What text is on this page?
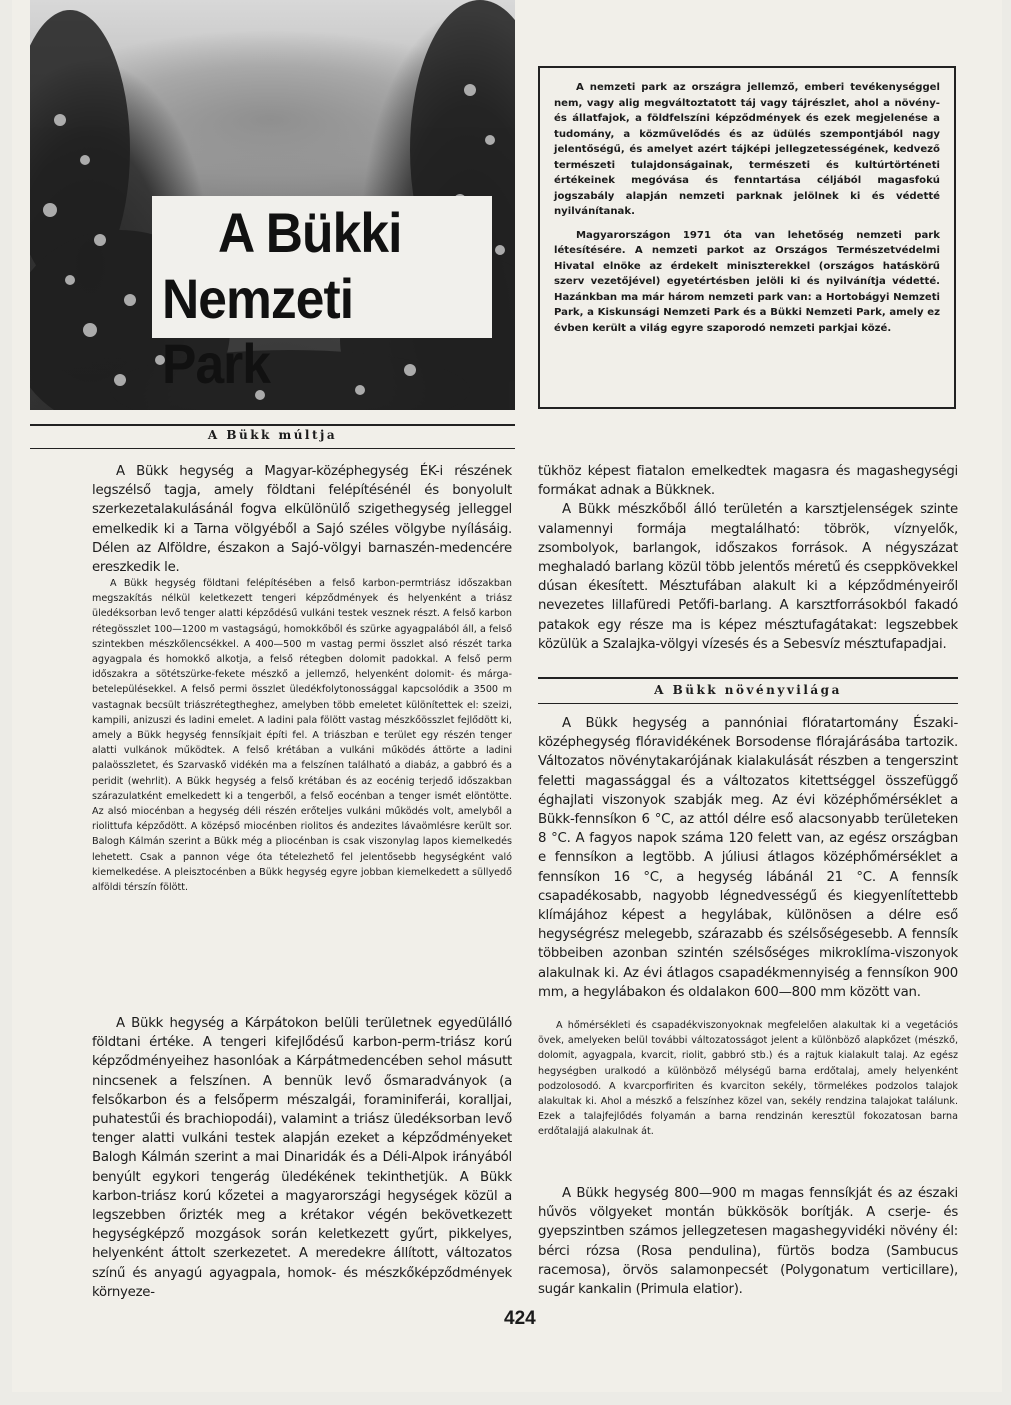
A Bükki
Nemzeti Park

A nemzeti park az országra jellemző, emberi tevékenységgel nem, vagy alig megváltoztatott táj vagy tájrészlet, ahol a növény- és állatfajok, a földfelszíni képződmények és ezek megjelenése a tudomány, a közművelődés és az üdülés szempontjából nagy jelentőségű, és amelyet azért tájképi jellegzetességének, kedvező természeti tulajdonságainak, természeti és kultúrtörténeti értékeinek megóvása és fenntartása céljából magasfokú jogszabály alapján nemzeti parknak jelölnek ki és védetté nyilvánítanak.

Magyarországon 1971 óta van lehetőség nemzeti park létesítésére. A nemzeti parkot az Országos Természetvédelmi Hivatal elnöke az érdekelt miniszterekkel (országos hatáskörű szerv vezetőjével) egyetértésben jelöli ki és nyilvánítja védetté. Hazánkban ma már három nemzeti park van: a Hortobágyi Nemzeti Park, a Kiskunsági Nemzeti Park és a Bükki Nemzeti Park, amely ez évben került a világ egyre szaporodó nemzeti parkjai közé.

A Bükk múltja

A Bükk hegység a Magyar-középhegység ÉK-i részének legszélső tagja, amely földtani felépítésénél és bonyolult szerkezetalakulásánál fogva elkülönülő szigethegység jelleggel emelkedik ki a Tarna völgyéből a Sajó széles völgybe nyílásáig. Délen az Alföldre, északon a Sajó-völgyi barnaszén-medencére ereszkedik le.

A Bükk hegység földtani felépítésében a felső karbon-permtriász időszakban megszakítás nélkül keletkezett tengeri képződmények és helyenként a triász üledéksorban levő tenger alatti képződésű vulkáni testek vesznek részt. A felső karbon rétegösszlet 100—1200 m vastagságú, homokkőből és szürke agyagpalából áll, a felső szintekben mészkőlencsékkel. A 400—500 m vastag permi összlet alsó részét tarka agyagpala és homokkő alkotja, a felső rétegben dolomit padokkal. A felső perm időszakra a sötétszürke-fekete mészkő a jellemző, helyenként dolomit- és márga-betelepülésekkel. A felső permi összlet üledékfolytonossággal kapcsolódik a 3500 m vastagnak becsült triászrétegtheghez, amelyben több emeletet különítettek el: szeizi, kampili, anizuszi és ladini emelet. A ladini pala fölött vastag mészkőösszlet fejlődött ki, amely a Bükk hegység fennsíkjait építi fel. A triászban e terület egy részén tenger alatti vulkánok működtek. A felső krétában a vulkáni működés áttörte a ladini palaösszletet, és Szarvaskő vidékén ma a felszínen található a diabáz, a gabbró és a peridit (wehrlit). A Bükk hegység a felső krétában és az eocénig terjedő időszakban szárazulatként emelkedett ki a tengerből, a felső eocénban a tenger ismét elöntötte. Az alsó miocénban a hegység déli részén erőteljes vulkáni működés volt, amelyből a riolittufa képződött. A középső miocénben riolitos és andezites lávaömlésre került sor. Balogh Kálmán szerint a Bükk még a pliocénban is csak viszonylag lapos kiemelkedés lehetett. Csak a pannon vége óta tételezhető fel jelentősebb hegységként való kiemelkedése. A pleisztocénben a Bükk hegység egyre jobban kiemelkedett a süllyedő alföldi térszín fölött.

A Bükk hegység a Kárpátokon belüli területnek egyedülálló földtani értéke. A tengeri kifejlődésű karbon-perm-triász korú képződményeihez hasonlóak a Kárpátmedencében sehol másutt nincsenek a felszínen. A bennük levő ősmaradványok (a felsőkarbon és a felsőperm mészalgái, foraminiferái, koralljai, puhatestűi és brachiopodái), valamint a triász üledéksorban levő tenger alatti vulkáni testek alapján ezeket a képződményeket Balogh Kálmán szerint a mai Dinaridák és a Déli-Alpok irányából benyúlt egykori tengerág üledékének tekinthetjük. A Bükk karbon-triász korú kőzetei a magyarországi hegységek közül a legszebben őrizték meg a krétakor végén bekövetkezett hegységképző mozgások során keletkezett gyűrt, pikkelyes, helyenként áttolt szerkezetet. A meredekre állított, változatos színű és anyagú agyagpala, homok- és mészkőképződmények környeze-

tükhöz képest fiatalon emelkedtek magasra és magashegységi formákat adnak a Bükknek.

A Bükk mészkőből álló területén a karsztjelenségek szinte valamennyi formája megtalálható: töbrök, víznyelők, zsombolyok, barlangok, időszakos források. A négyszázat meghaladó barlang közül több jelentős méretű és cseppkövekkel dúsan ékesített. Mésztufában alakult ki a képződményeiről nevezetes lillafüredi Petőfi-barlang. A karsztforrásokból fakadó patakok egy része ma is képez mésztufagátakat: legszebbek közülük a Szalajka-völgyi vízesés és a Sebesvíz mésztufapadjai.

A Bükk növényvilága

A Bükk hegység a pannóniai flóratartomány Északi-középhegység flóravidékének Borsodense flórajárásába tartozik. Változatos növénytakarójának kialakulását részben a tengerszint feletti magassággal és a változatos kitettséggel összefüggő éghajlati viszonyok szabják meg. Az évi középhőmérséklet a Bükk-fennsíkon 6 °C, az attól délre eső alacsonyabb területeken 8 °C. A fagyos napok száma 120 felett van, az egész országban e fennsíkon a legtöbb. A júliusi átlagos középhőmérséklet a fennsíkon 16 °C, a hegység lábánál 21 °C. A fennsík csapadékosabb, nagyobb légnedvességű és kiegyenlítettebb klímájához képest a hegylábak, különösen a délre eső hegységrész melegebb, szárazabb és szélsőségesebb. A fennsík többeiben azonban szintén szélsőséges mikroklíma-viszonyok alakulnak ki. Az évi átlagos csapadékmennyiség a fennsíkon 900 mm, a hegylábakon és oldalakon 600—800 mm között van.

A hőmérsékleti és csapadékviszonyoknak megfelelően alakultak ki a vegetációs övek, amelyeken belül további változatosságot jelent a különböző alapkőzet (mészkő, dolomit, agyagpala, kvarcit, riolit, gabbró stb.) és a rajtuk kialakult talaj. Az egész hegységben uralkodó a különböző mélységű barna erdőtalaj, amely helyenként podzolosodó. A kvarcporfiriten és kvarciton sekély, törmelékes podzolos talajok alakultak ki. Ahol a mészkő a felszínhez közel van, sekély rendzina talajokat találunk. Ezek a talajfejlődés folyamán a barna rendzinán keresztül fokozatosan barna erdőtalajjá alakulnak át.

A Bükk hegység 800—900 m magas fennsíkját és az északi hűvös völgyeket montán bükkösök borítják. A cserje- és gyepszintben számos jellegzetesen magashegyvidéki növény él: bérci rózsa (Rosa pendulina), fürtös bodza (Sambucus racemosa), örvös salamonpecsét (Polygonatum verticillare), sugár kankalin (Primula elatior).

424
